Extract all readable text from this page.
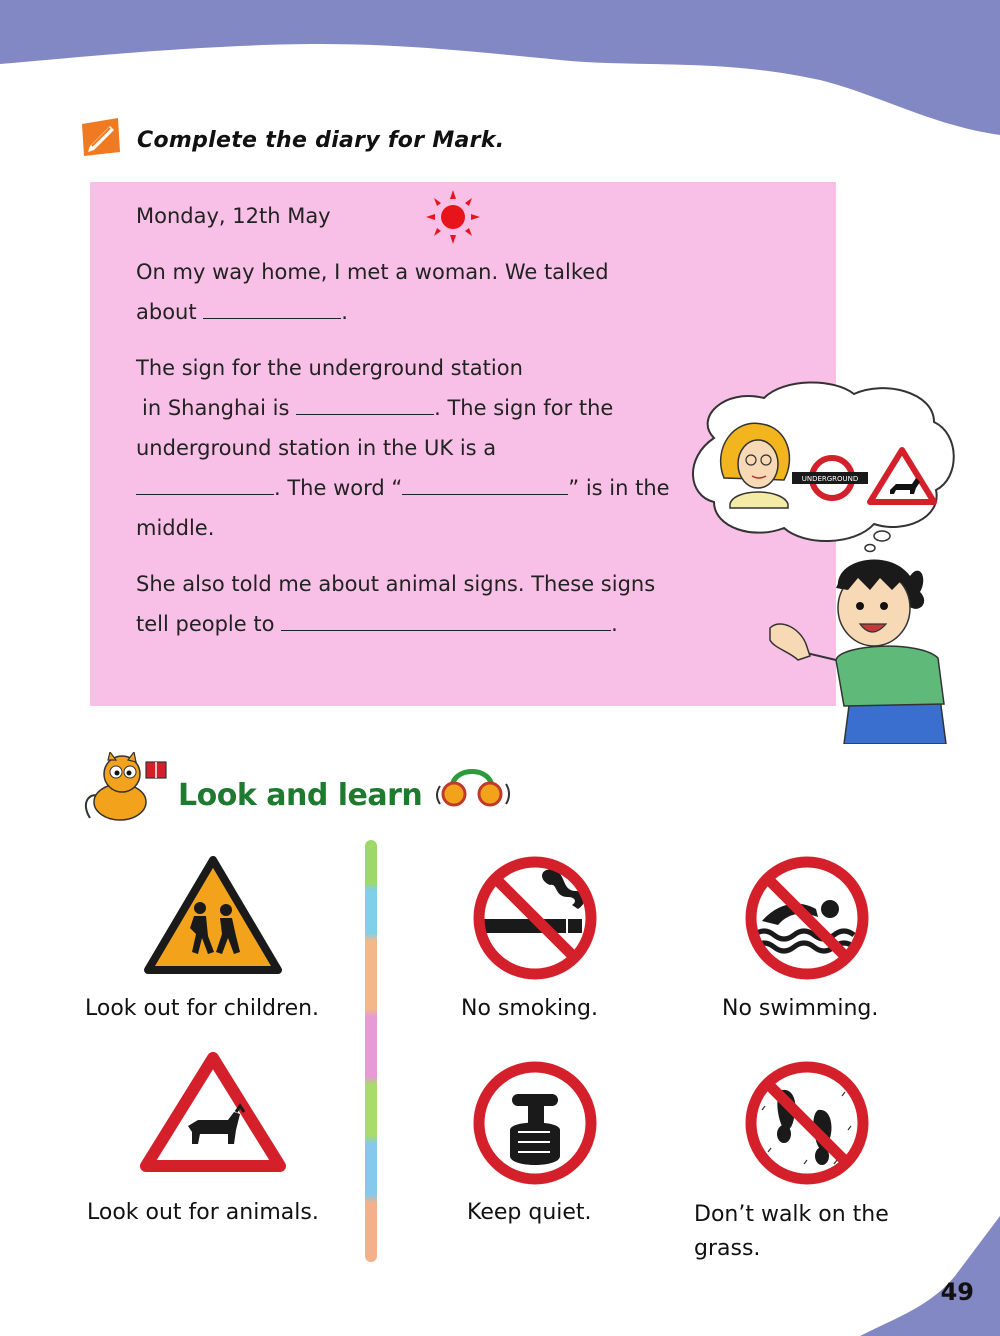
Complete the diary for Mark.
Monday, 12th May
On my way home, I met a woman. We talked
about	.
The sign for the underground station
in Shanghai is	. The sign for the
underground station in the UK is a
. The word “	” is in the
middle.
She also told me about animal signs. These signs
tell people to	.
UNDERGROUND
Look and learn
Look out for children.	No smoking.	No swimming.
Look out for animals.	Keep quiet.	Don’t walk on the
grass.
49
